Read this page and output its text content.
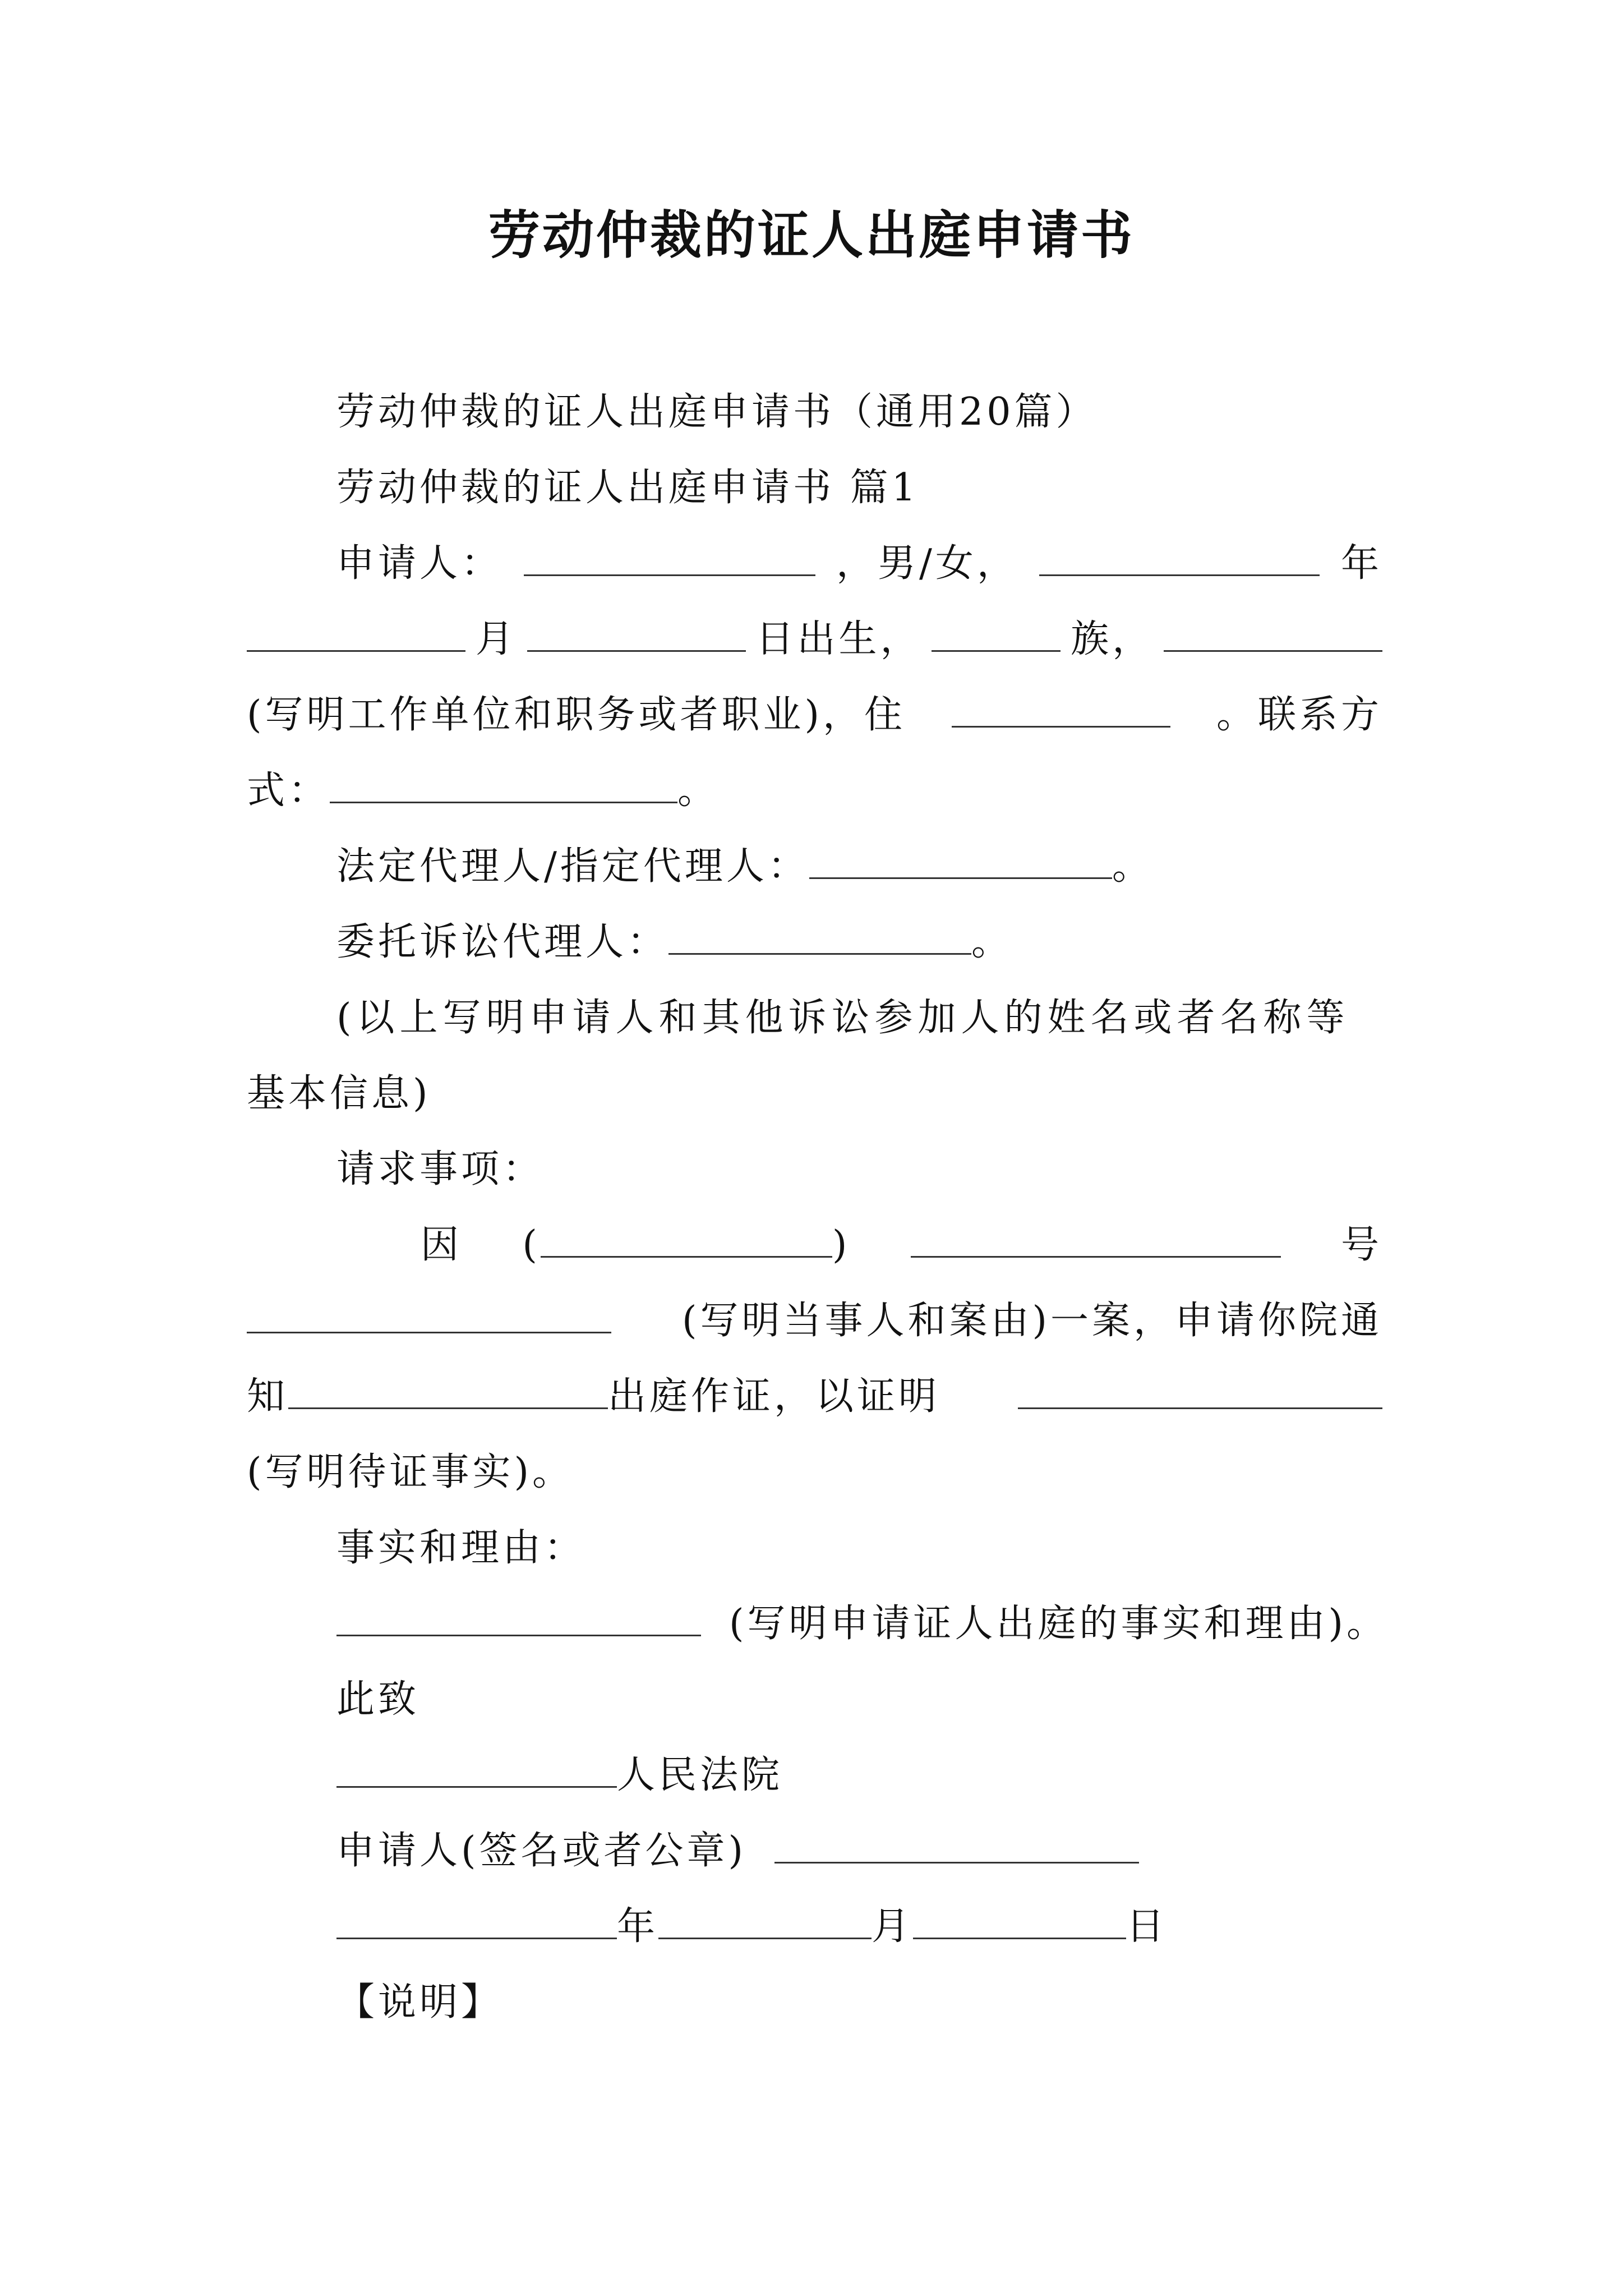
劳动仲裁的证人出庭申请书
劳动仲裁的证人出庭申请书（通用20篇）
劳动仲裁的证人出庭申请书 篇1
申请人：	，男/女，	年
月	日出生，	族，
(写明工作单位和职务或者职业)，住	。联系方
式：	。
法定代理人/指定代理人：	。
委托诉讼代理人：	。
(以上写明申请人和其他诉讼参加人的姓名或者名称等
基本信息)
请求事项：
因 (	)	号
(写明当事人和案由)一案，申请你院通
知	出庭作证，以证明
(写明待证事实)。
事实和理由：
(写明申请证人出庭的事实和理由)。
此致
人民法院
申请人(签名或者公章)
年	月	日
【说明】
